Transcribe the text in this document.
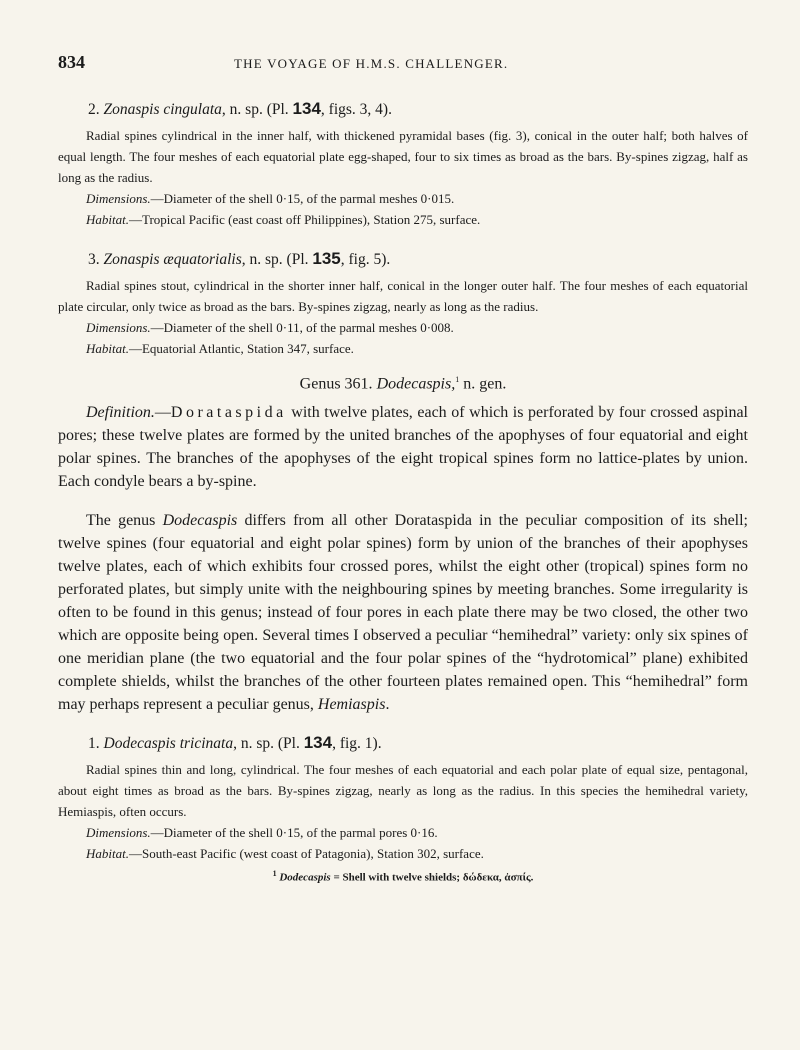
834	THE VOYAGE OF H.M.S. CHALLENGER.

2. Zonaspis cingulata, n. sp. (Pl. 134, figs. 3, 4).

Radial spines cylindrical in the inner half, with thickened pyramidal bases (fig. 3), conical in the outer half; both halves of equal length. The four meshes of each equatorial plate egg-shaped, four to six times as broad as the bars. By-spines zigzag, half as long as the radius.

Dimensions.—Diameter of the shell 0·15, of the parmal meshes 0·015.

Habitat.—Tropical Pacific (east coast off Philippines), Station 275, surface.

3. Zonaspis æquatorialis, n. sp. (Pl. 135, fig. 5).

Radial spines stout, cylindrical in the shorter inner half, conical in the longer outer half. The four meshes of each equatorial plate circular, only twice as broad as the bars. By-spines zigzag, nearly as long as the radius.

Dimensions.—Diameter of the shell 0·11, of the parmal meshes 0·008.

Habitat.—Equatorial Atlantic, Station 347, surface.

Genus 361. Dodecaspis,$^1$ n. gen.

Definition.—Dorataspida with twelve plates, each of which is perforated by four crossed aspinal pores; these twelve plates are formed by the united branches of the apophyses of four equatorial and eight polar spines. The branches of the apophyses of the eight tropical spines form no lattice-plates by union. Each condyle bears a by-spine.

The genus Dodecaspis differs from all other Dorataspida in the peculiar composition of its shell; twelve spines (four equatorial and eight polar spines) form by union of the branches of their apophyses twelve plates, each of which exhibits four crossed pores, whilst the eight other (tropical) spines form no perforated plates, but simply unite with the neighbouring spines by meeting branches. Some irregularity is often to be found in this genus; instead of four pores in each plate there may be two closed, the other two which are opposite being open. Several times I observed a peculiar “hemihedral” variety: only six spines of one meridian plane (the two equatorial and the four polar spines of the “hydrotomical” plane) exhibited complete shields, whilst the branches of the other fourteen plates remained open. This “hemihedral” form may perhaps represent a peculiar genus, Hemiaspis.

1. Dodecaspis tricinata, n. sp. (Pl. 134, fig. 1).

Radial spines thin and long, cylindrical. The four meshes of each equatorial and each polar plate of equal size, pentagonal, about eight times as broad as the bars. By-spines zigzag, nearly as long as the radius. In this species the hemihedral variety, Hemiaspis, often occurs.

Dimensions.—Diameter of the shell 0·15, of the parmal pores 0·16.

Habitat.—South-east Pacific (west coast of Patagonia), Station 302, surface.

$^1$ Dodecaspis = Shell with twelve shields; δώδεκα, ἀσπίς.
